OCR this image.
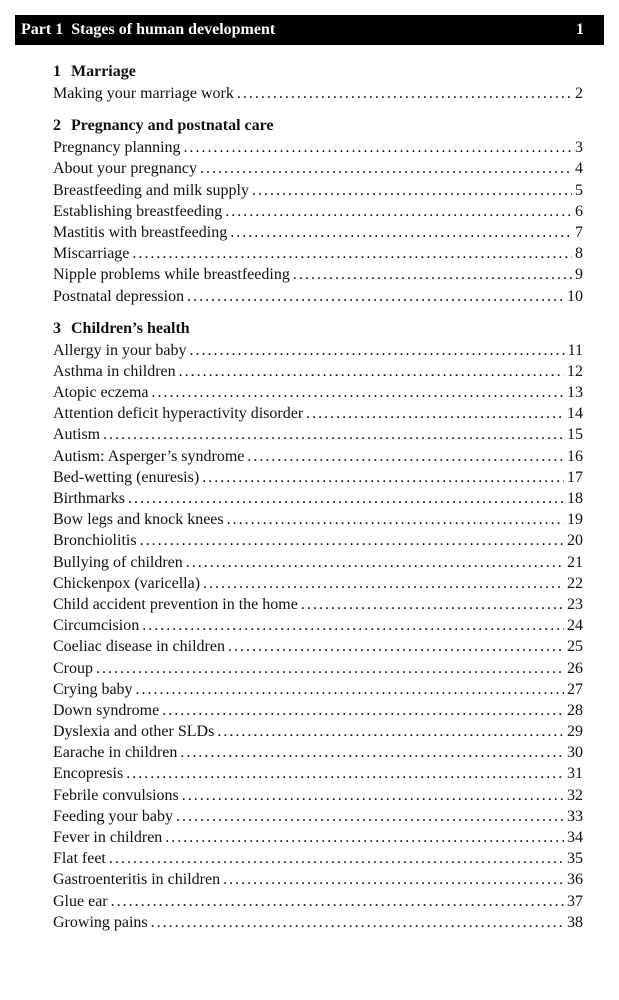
Part 1 Stages of human development	1
1 Marriage
Making your marriage work . . .	2
2 Pregnancy and postnatal care
Pregnancy planning . . .	3
About your pregnancy . . .	4
Breastfeeding and milk supply . . .	5
Establishing breastfeeding . . .	6
Mastitis with breastfeeding . . .	7
Miscarriage . . .	8
Nipple problems while breastfeeding . . .	9
Postnatal depression . . .	10
3 Children’s health
Allergy in your baby . . .	11
Asthma in children . . .	12
Atopic eczema . . .	13
Attention deficit hyperactivity disorder . . .	14
Autism . . .	15
Autism: Asperger’s syndrome . . .	16
Bed-wetting (enuresis) . . .	17
Birthmarks . . .	18
Bow legs and knock knees . . .	19
Bronchiolitis . . .	20
Bullying of children . . .	21
Chickenpox (varicella) . . .	22
Child accident prevention in the home . . .	23
Circumcision . . .	24
Coeliac disease in children . . .	25
Croup . . .	26
Crying baby . . .	27
Down syndrome . . .	28
Dyslexia and other SLDs . . .	29
Earache in children . . .	30
Encopresis . . .	31
Febrile convulsions . . .	32
Feeding your baby . . .	33
Fever in children . . .	34
Flat feet . . .	35
Gastroenteritis in children . . .	36
Glue ear . . .	37
Growing pains . . .	38
